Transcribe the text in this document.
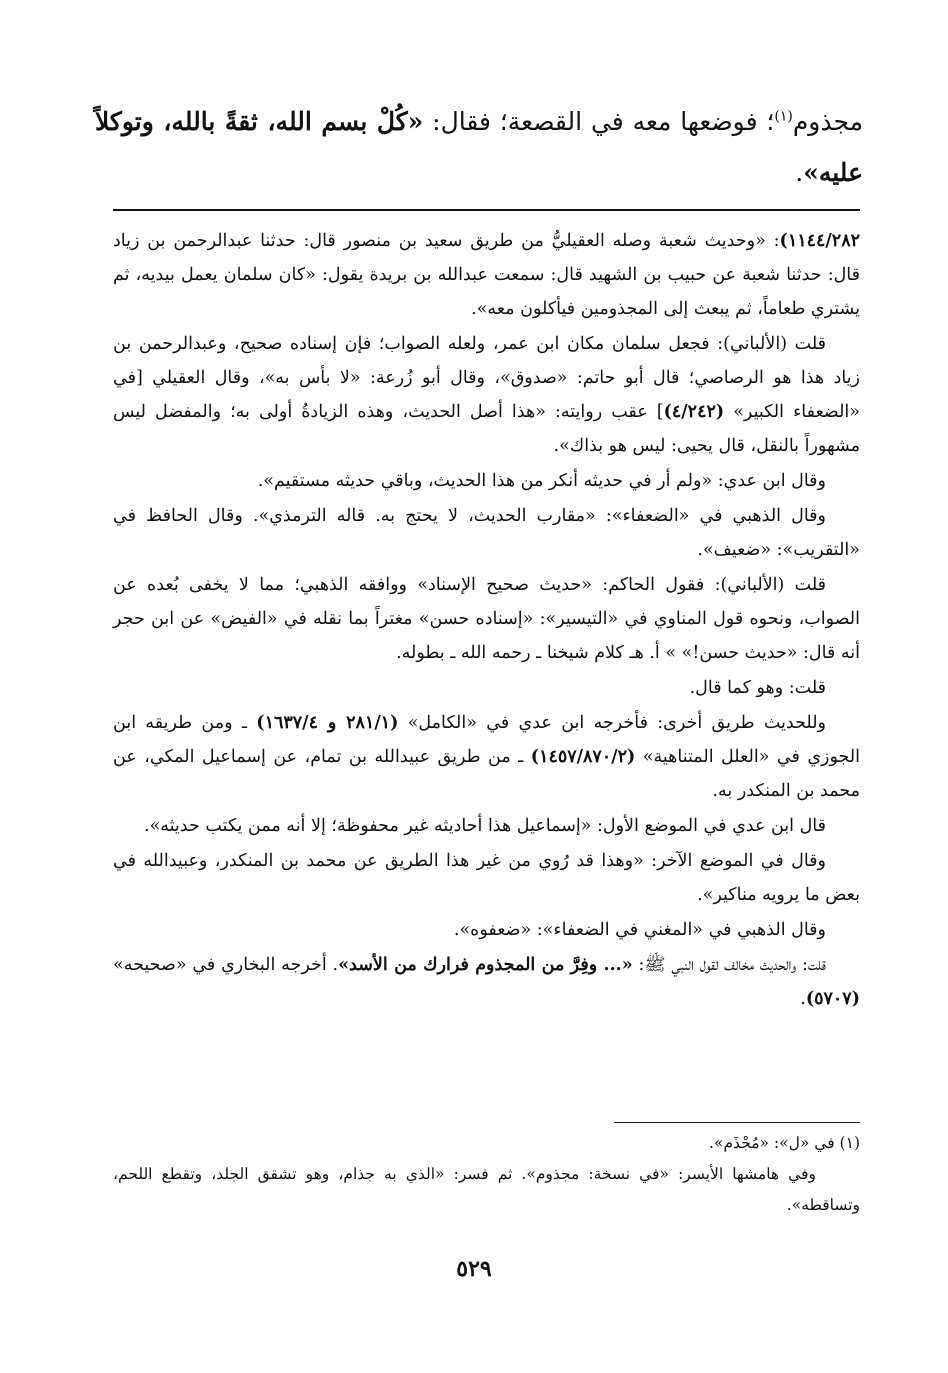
مجذوم$^{(١)}$؛ فوضعها معه في القصعة؛ فقال: «كُلْ بسم الله، ثقةً بالله، وتوكلاً عليه».

١١٤٤/٢٨٢): «وحديث شعبة وصله العقيليُّ من طريق سعيد بن منصور قال: حدثنا عبدالرحمن بن زياد قال: حدثنا شعبة عن حبيب بن الشهيد قال: سمعت عبدالله بن بريدة يقول: «كان سلمان يعمل بيديه، ثم يشتري طعاماً، ثم يبعث إلى المجذومين فيأكلون معه».

قلت (الألباني): فجعل سلمان مكان ابن عمر، ولعله الصواب؛ فإن إسناده صحيح، وعبدالرحمن بن زياد هذا هو الرصاصي؛ قال أبو حاتم: «صدوق»، وقال أبو زُرعة: «لا بأس به»، وقال العقيلي [في «الضعفاء الكبير» (٤/٢٤٢)] عقب روايته: «هذا أصل الحديث، وهذه الزيادةُ أولى به؛ والمفضل ليس مشهوراً بالنقل، قال يحيى: ليس هو بذاك».

وقال ابن عدي: «ولم أر في حديثه أنكر من هذا الحديث، وباقي حديثه مستقيم».

وقال الذهبي في «الضعفاء»: «مقارب الحديث، لا يحتج به. قاله الترمذي». وقال الحافظ في «التقريب»: «ضعيف».

قلت (الألباني): فقول الحاكم: «حديث صحيح الإسناد» ووافقه الذهبي؛ مما لا يخفى بُعده عن الصواب، ونحوه قول المناوي في «التيسير»: «إسناده حسن» مغتراً بما نقله في «الفيض» عن ابن حجر أنه قال: «حديث حسن!» » أ. هـ كلام شيخنا ـ رحمه الله ـ بطوله.

قلت: وهو كما قال.

وللحديث طريق أخرى: فأخرجه ابن عدي في «الكامل» (٢٨١/١ و ١٦٣٧/٤) ـ ومن طريقه ابن الجوزي في «العلل المتناهية» (١٤٥٧/٨٧٠/٢) ـ من طريق عبيدالله بن تمام، عن إسماعيل المكي، عن محمد بن المنكدر به.

قال ابن عدي في الموضع الأول: «إسماعيل هذا أحاديثه غير محفوظة؛ إلا أنه ممن يكتب حديثه».

وقال في الموضع الآخر: «وهذا قد رُوي من غير هذا الطريق عن محمد بن المنكدر، وعبيدالله في بعض ما يرويه مناكير».

وقال الذهبي في «المغني في الضعفاء»: «ضعفوه».

قلت: والحديث مخالف لقول النبي ﷺ: «... وفِرَّ من المجذوم فرارك من الأسد». أخرجه البخاري في «صحيحه» (٥٧٠٧).

(١) في «ل»: «مُجْذَم».

وفي هامشها الأيسر: «في نسخة: مجذوم». ثم فسر: «الذي به جذام، وهو تشقق الجلد، وتقطع اللحم، وتساقطه».

٥٢٩
